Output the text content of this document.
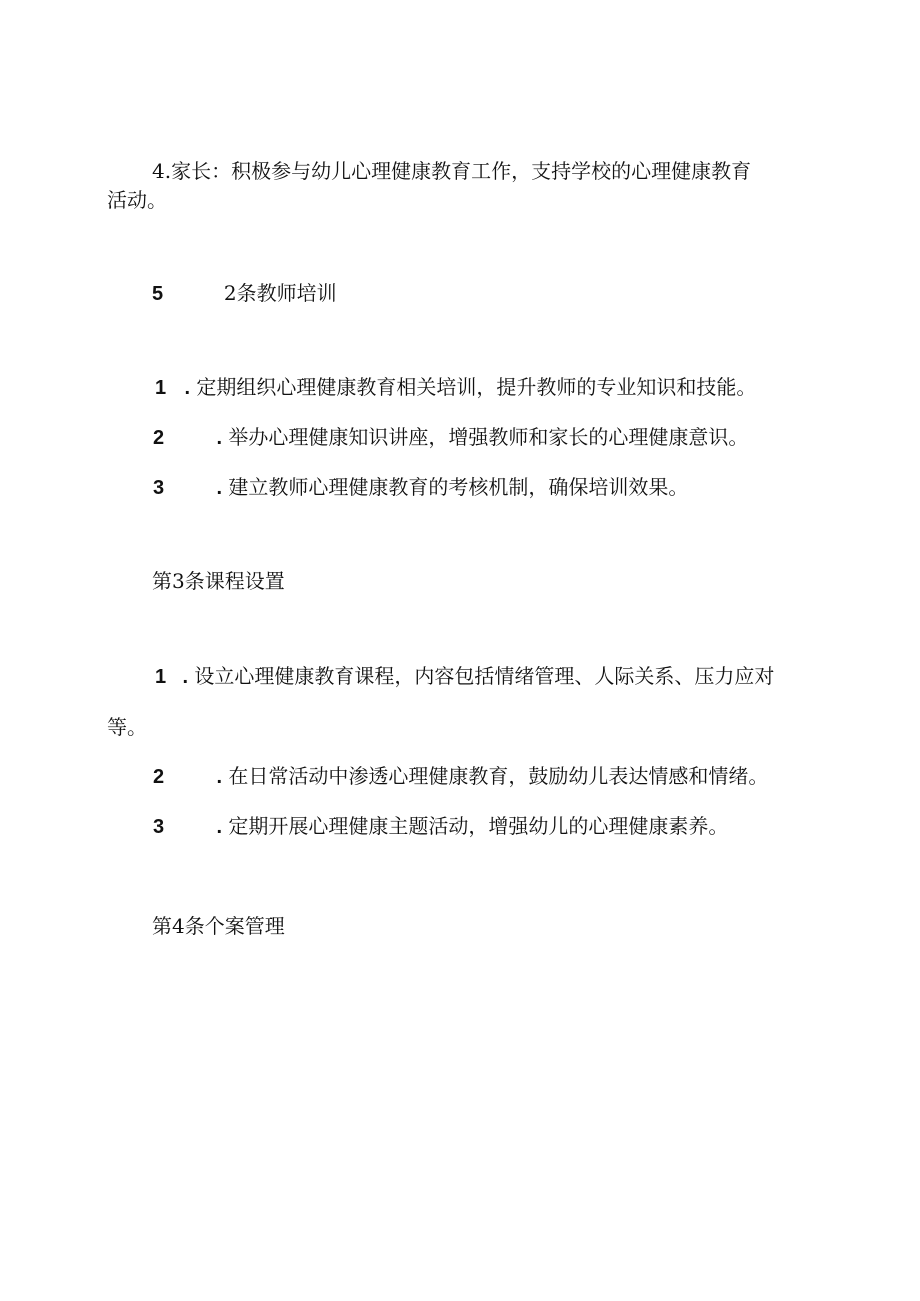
4.家长：积极参与幼儿心理健康教育工作，支持学校的心理健康教育
活动。
5	2条教师培训
1 . 定期组织心理健康教育相关培训，提升教师的专业知识和技能。
2	. 举办心理健康知识讲座，增强教师和家长的心理健康意识。
3	. 建立教师心理健康教育的考核机制，确保培训效果。
第3条课程设置
1 . 设立心理健康教育课程，内容包括情绪管理、人际关系、压力应对
等。
2	. 在日常活动中渗透心理健康教育，鼓励幼儿表达情感和情绪。
3	. 定期开展心理健康主题活动，增强幼儿的心理健康素养。
第4条个案管理
